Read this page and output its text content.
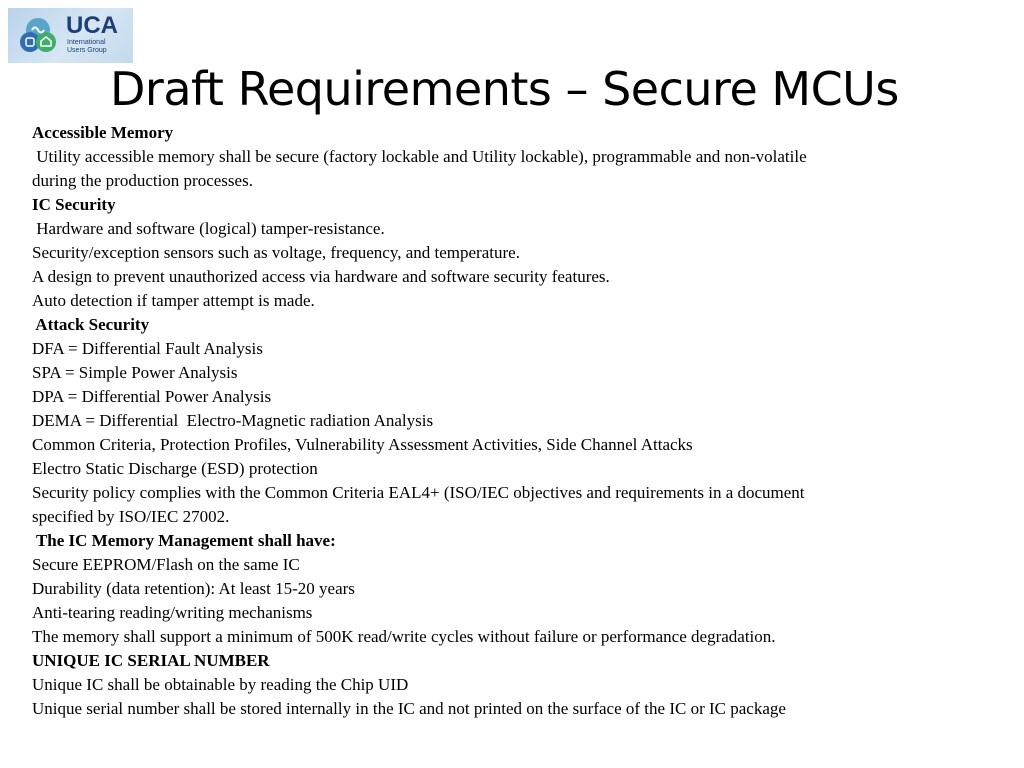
UCA
International
Users Group
Draft Requirements – Secure MCUs
Accessible Memory
Utility accessible memory shall be secure (factory lockable and Utility lockable), programmable and non-volatile
during the production processes.
IC Security
Hardware and software (logical) tamper-resistance.
Security/exception sensors such as voltage, frequency, and temperature.
A design to prevent unauthorized access via hardware and software security features.
Auto detection if tamper attempt is made.
Attack Security
DFA = Differential Fault Analysis
SPA = Simple Power Analysis
DPA = Differential Power Analysis
DEMA = Differential  Electro-Magnetic radiation Analysis
Common Criteria, Protection Profiles, Vulnerability Assessment Activities, Side Channel Attacks
Electro Static Discharge (ESD) protection
Security policy complies with the Common Criteria EAL4+ (ISO/IEC objectives and requirements in a document
specified by ISO/IEC 27002.
The IC Memory Management shall have:
Secure EEPROM/Flash on the same IC
Durability (data retention): At least 15-20 years
Anti-tearing reading/writing mechanisms
The memory shall support a minimum of 500K read/write cycles without failure or performance degradation.
UNIQUE IC SERIAL NUMBER
Unique IC shall be obtainable by reading the Chip UID
Unique serial number shall be stored internally in the IC and not printed on the surface of the IC or IC package
